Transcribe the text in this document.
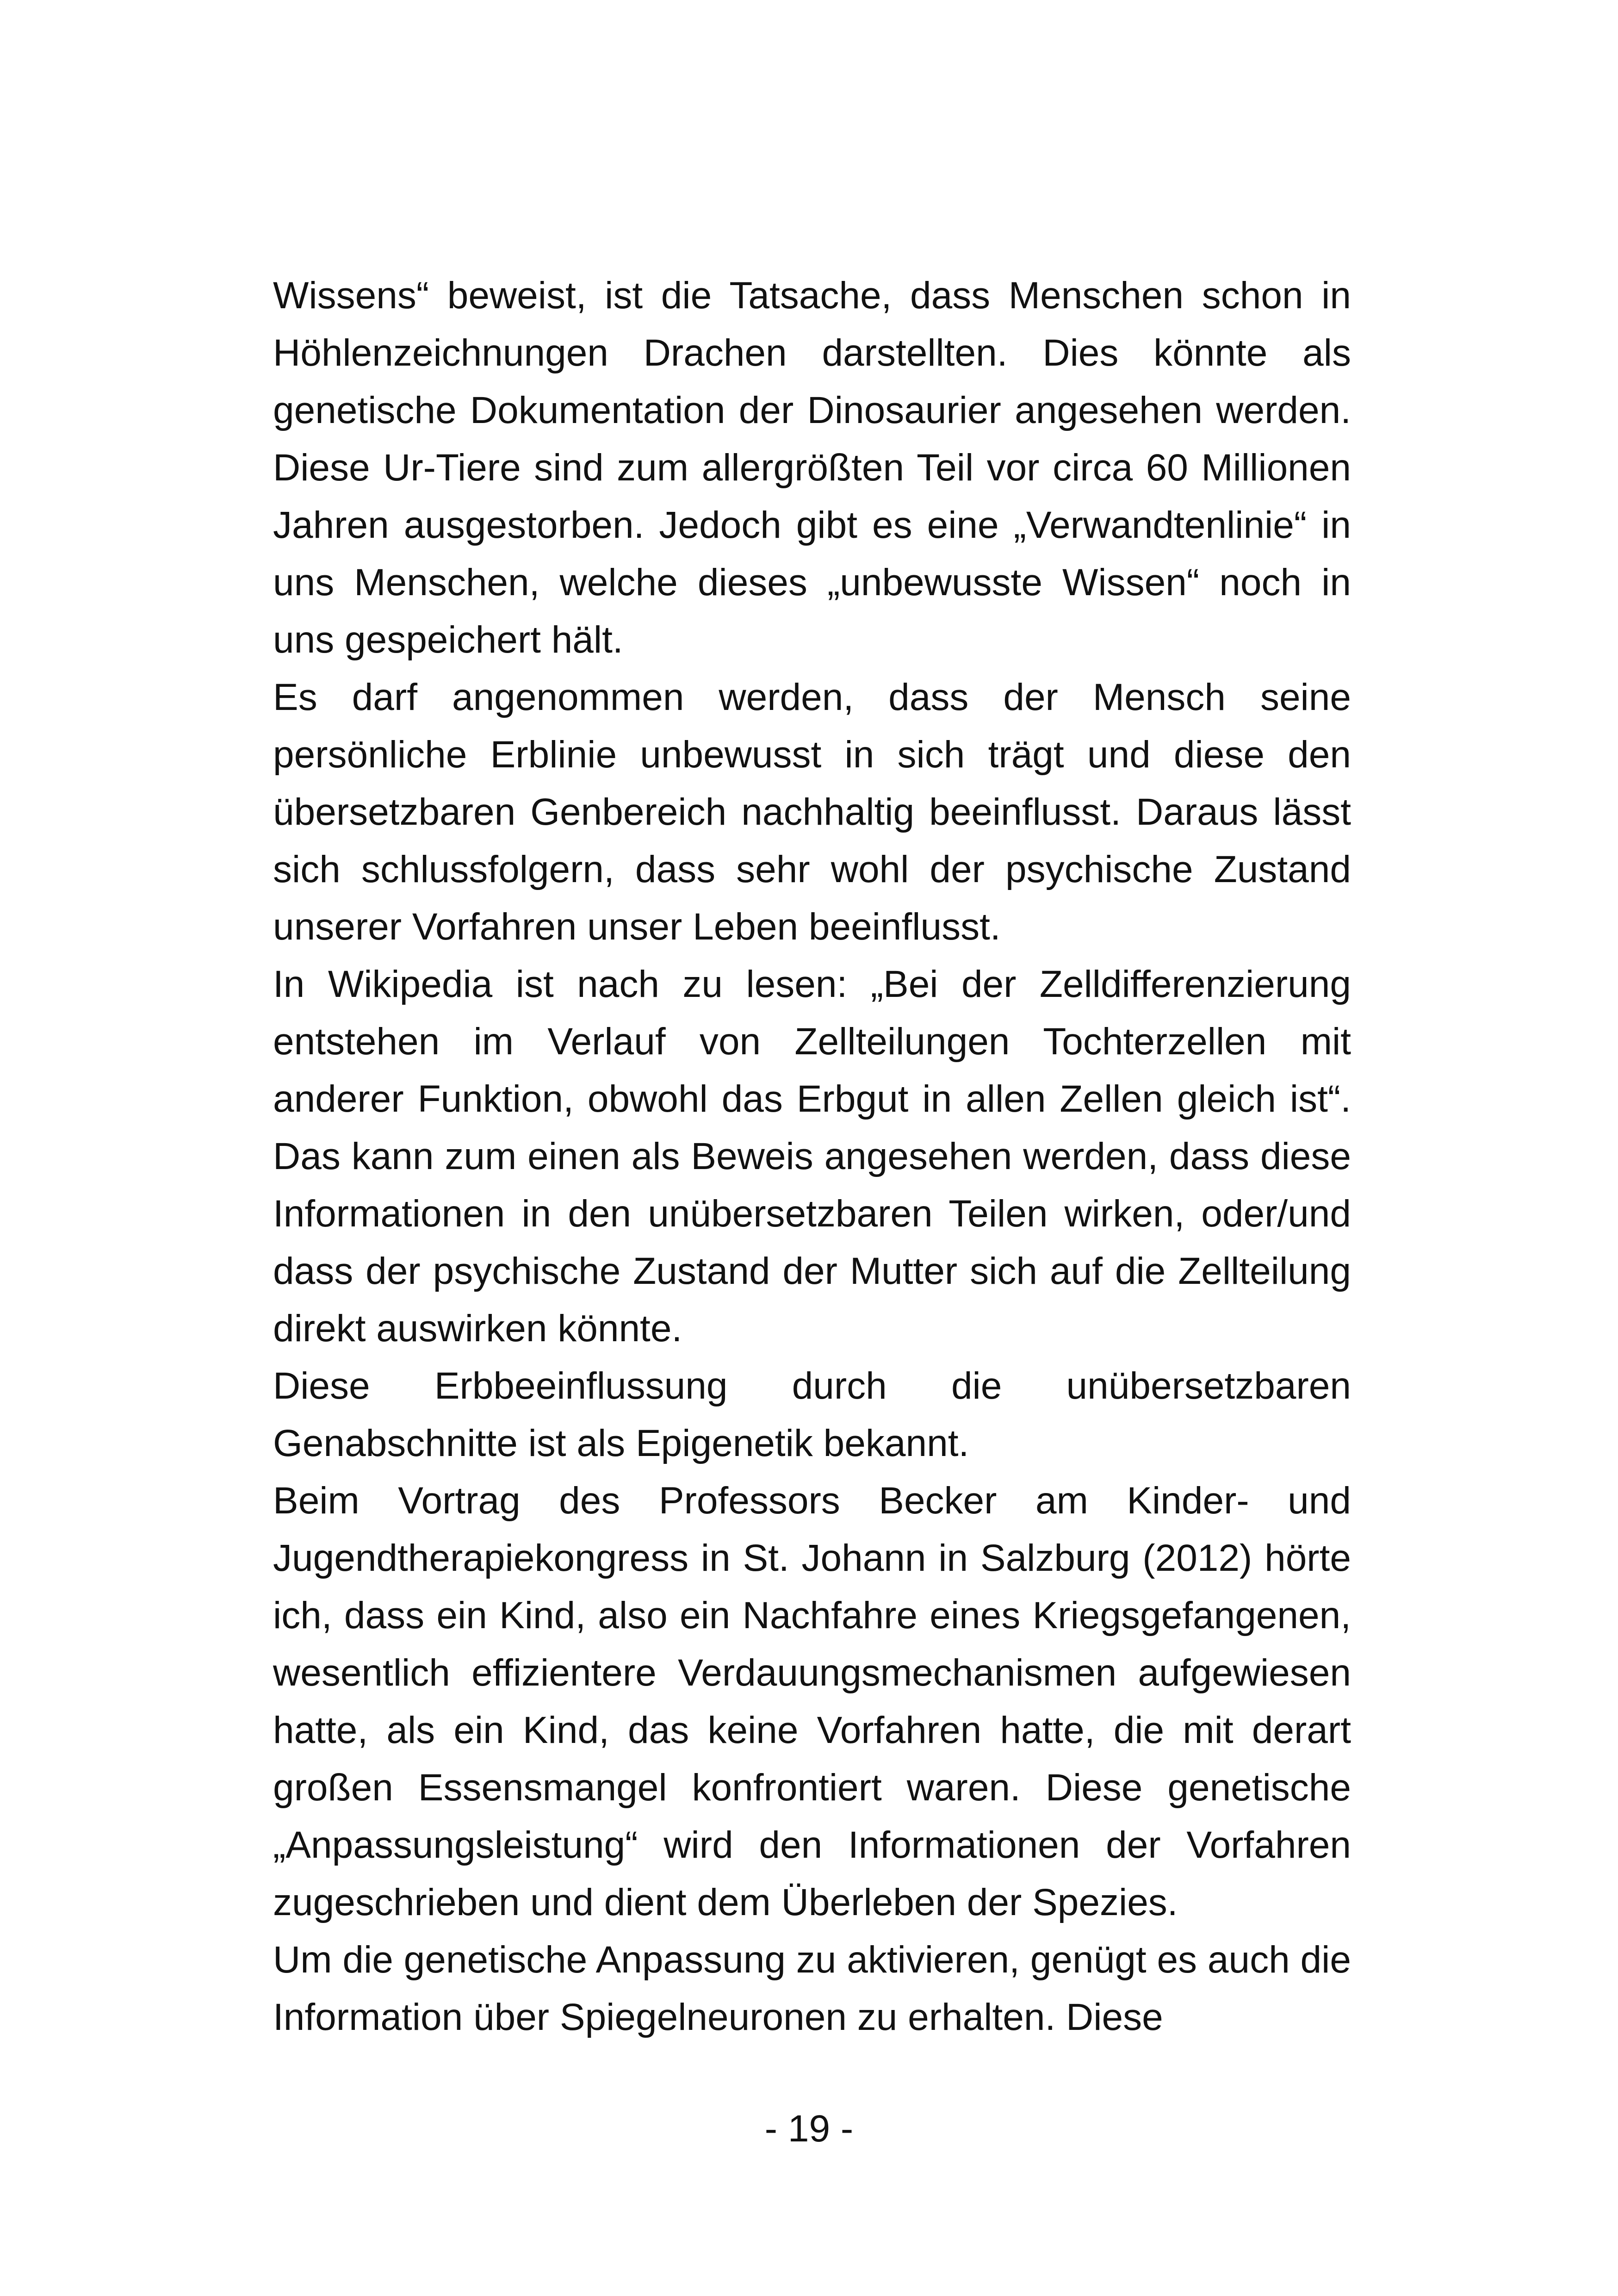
Wissens“ beweist, ist die Tatsache, dass Menschen schon in Höhlenzeichnungen Drachen darstellten. Dies könnte als genetische Dokumentation der Dinosaurier angesehen werden. Diese Ur-Tiere sind zum allergrößten Teil vor circa 60 Millionen Jahren ausgestorben. Jedoch gibt es eine „Verwandtenlinie“ in uns Menschen, welche dieses „unbewusste Wissen“ noch in uns gespeichert hält.

Es darf angenommen werden, dass der Mensch seine persönliche Erblinie unbewusst in sich trägt und diese den übersetzbaren Genbereich nachhaltig beeinflusst. Daraus lässt sich schlussfolgern, dass sehr wohl der psychische Zustand unserer Vorfahren unser Leben beeinflusst.

In Wikipedia ist nach zu lesen: „Bei der Zelldifferenzierung entstehen im Verlauf von Zellteilungen Tochterzellen mit anderer Funktion, obwohl das Erbgut in allen Zellen gleich ist“. Das kann zum einen als Beweis angesehen werden, dass diese Informationen in den unübersetzbaren Teilen wirken, oder/und dass der psychische Zustand der Mutter sich auf die Zellteilung direkt auswirken könnte.

Diese Erbbeeinflussung durch die unübersetzbaren Genabschnitte ist als Epigenetik bekannt.

Beim Vortrag des Professors Becker am Kinder- und Jugendtherapiekongress in St. Johann in Salzburg (2012) hörte ich, dass ein Kind, also ein Nachfahre eines Kriegsgefangenen, wesentlich effizientere Verdauungsmechanismen aufgewiesen hatte, als ein Kind, das keine Vorfahren hatte, die mit derart großen Essensmangel konfrontiert waren. Diese genetische „Anpassungsleistung“ wird den Informationen der Vorfahren zugeschrieben und dient dem Überleben der Spezies.

Um die genetische Anpassung zu aktivieren, genügt es auch die Information über Spiegelneuronen zu erhalten. Diese

- 19 -
